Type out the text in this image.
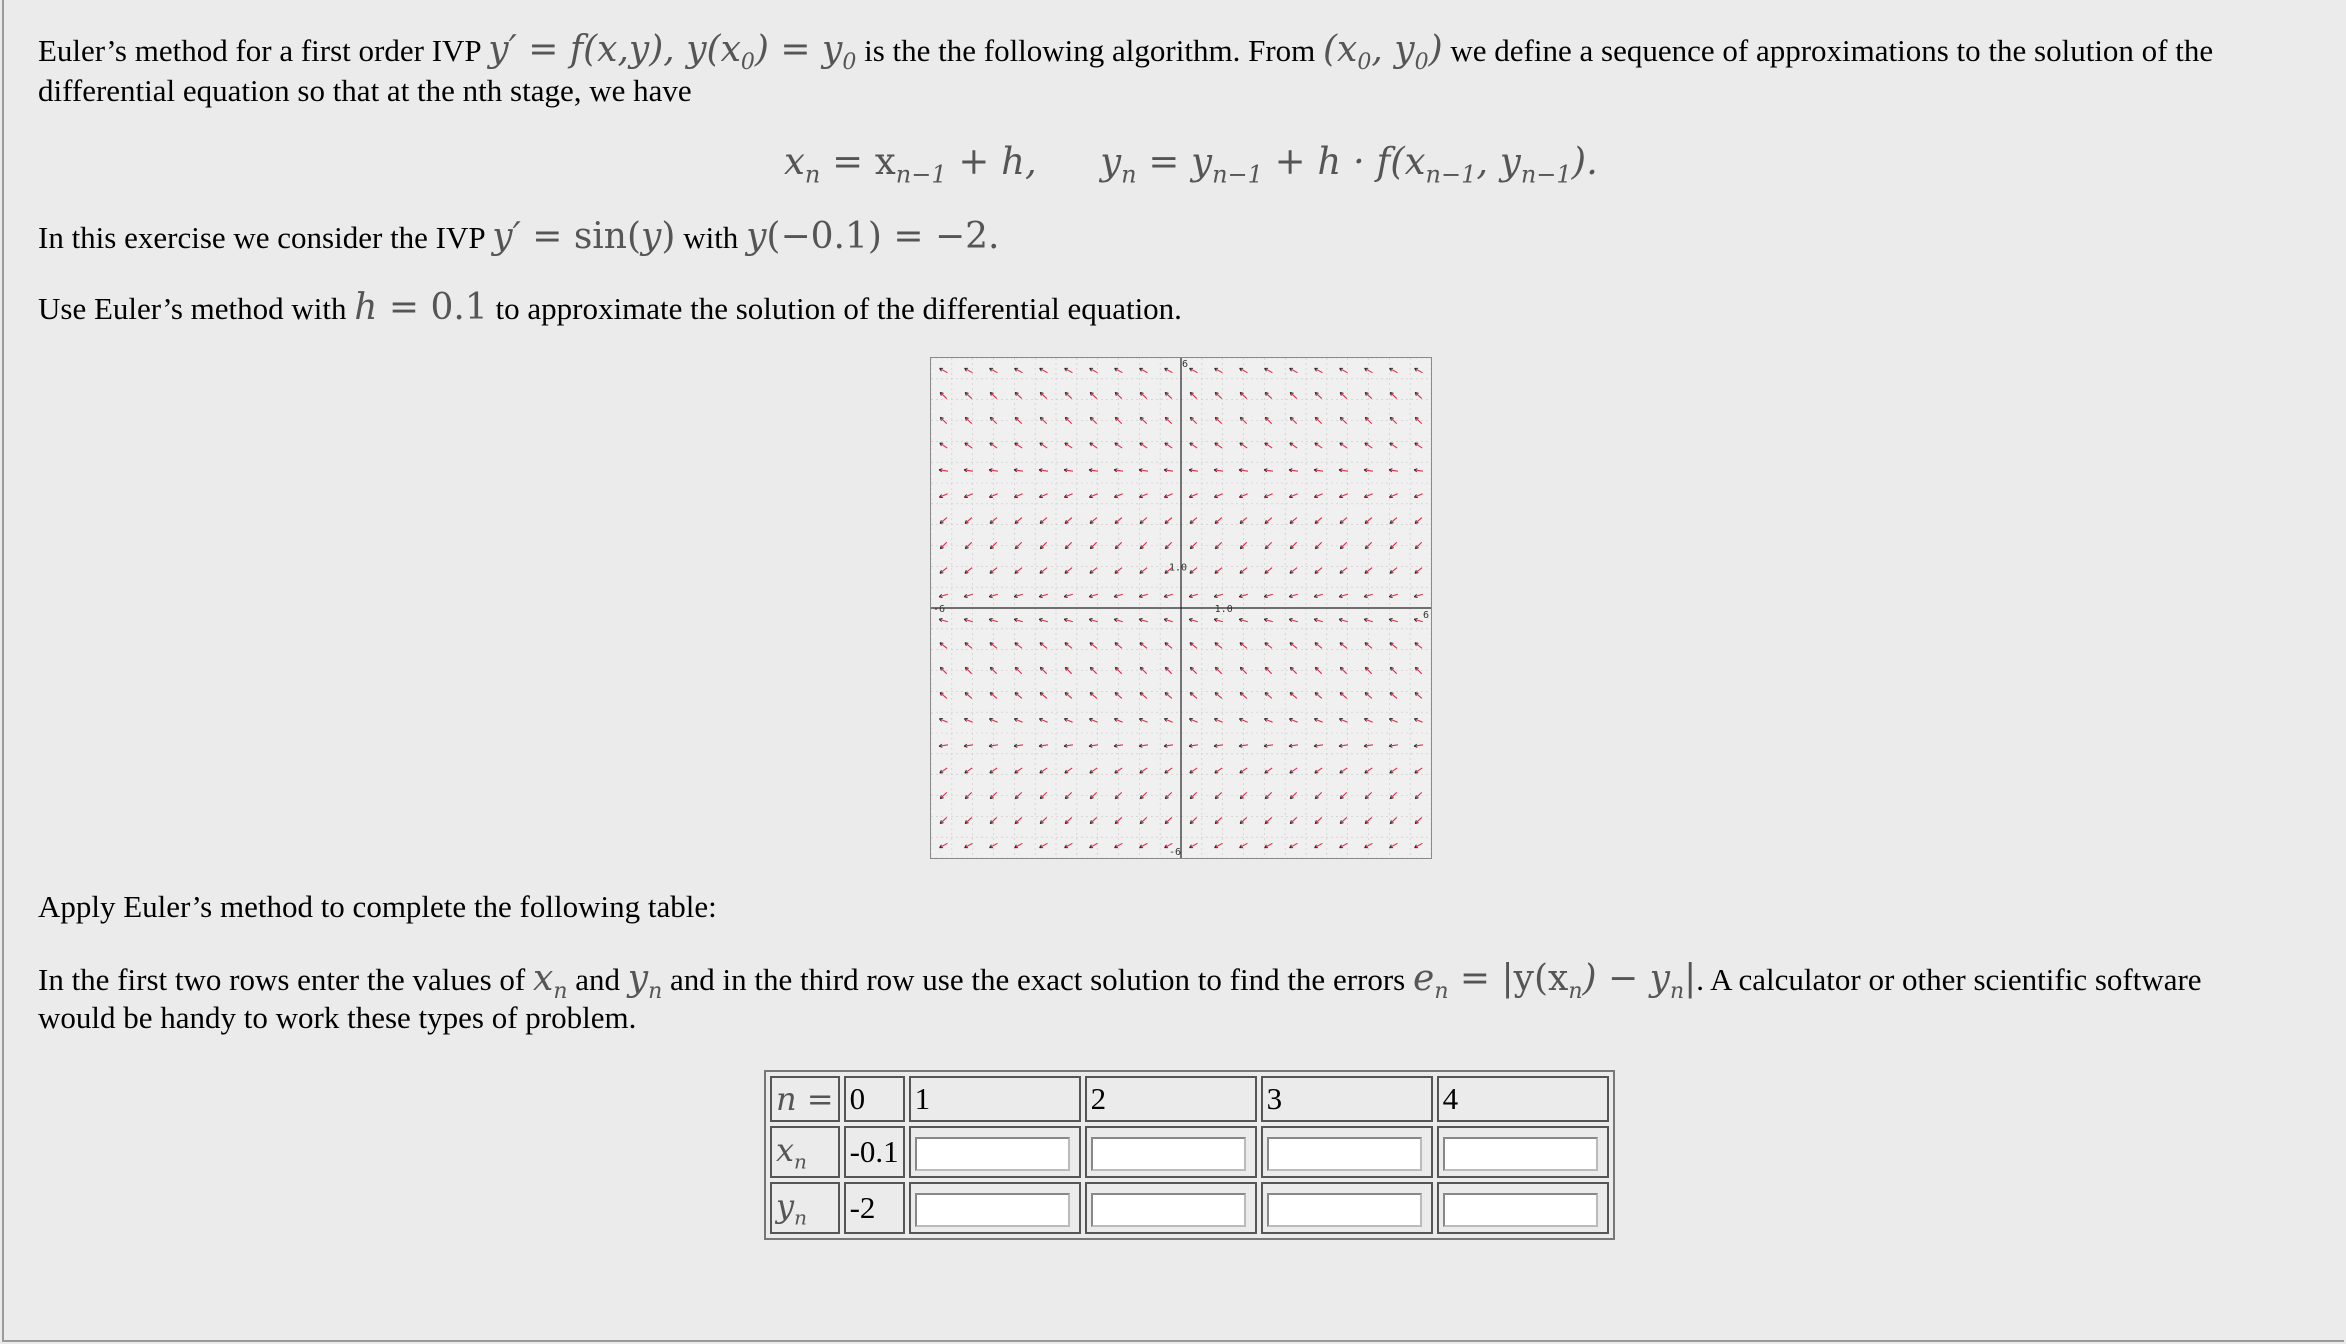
Euler’s method for a first order IVP y′ = f(x,y), $y(x_0) = y_0$ is the the following algorithm. From ($x_0$, $y_0$) we define a sequence of approximations to the solution of the
differential equation so that at the nth stage, we have
$x_n = x_{n-1} + h$, $y_n = y_{n-1} + h \cdot f(x_{n-1}$, $y_{n-1}$).
In this exercise we consider the IVP y′ = sin(y) with y(−0.1) = −2.
Use Euler’s method with h = 0.1 to approximate the solution of the differential equation.
-6
6
6
-6
1.0
1.0
Apply Euler’s method to complete the following table:
In the first two rows enter the values of $x_n$ and $y_n$ and in the third row use the exact solution to find the errors $e_n = |y(x_n) - y_n|$. A calculator or other scientific software
would be handy to work these types of problem.
n =	0	1	2	3	4
$x_n$	-0.1				
$y_n$	-2				
